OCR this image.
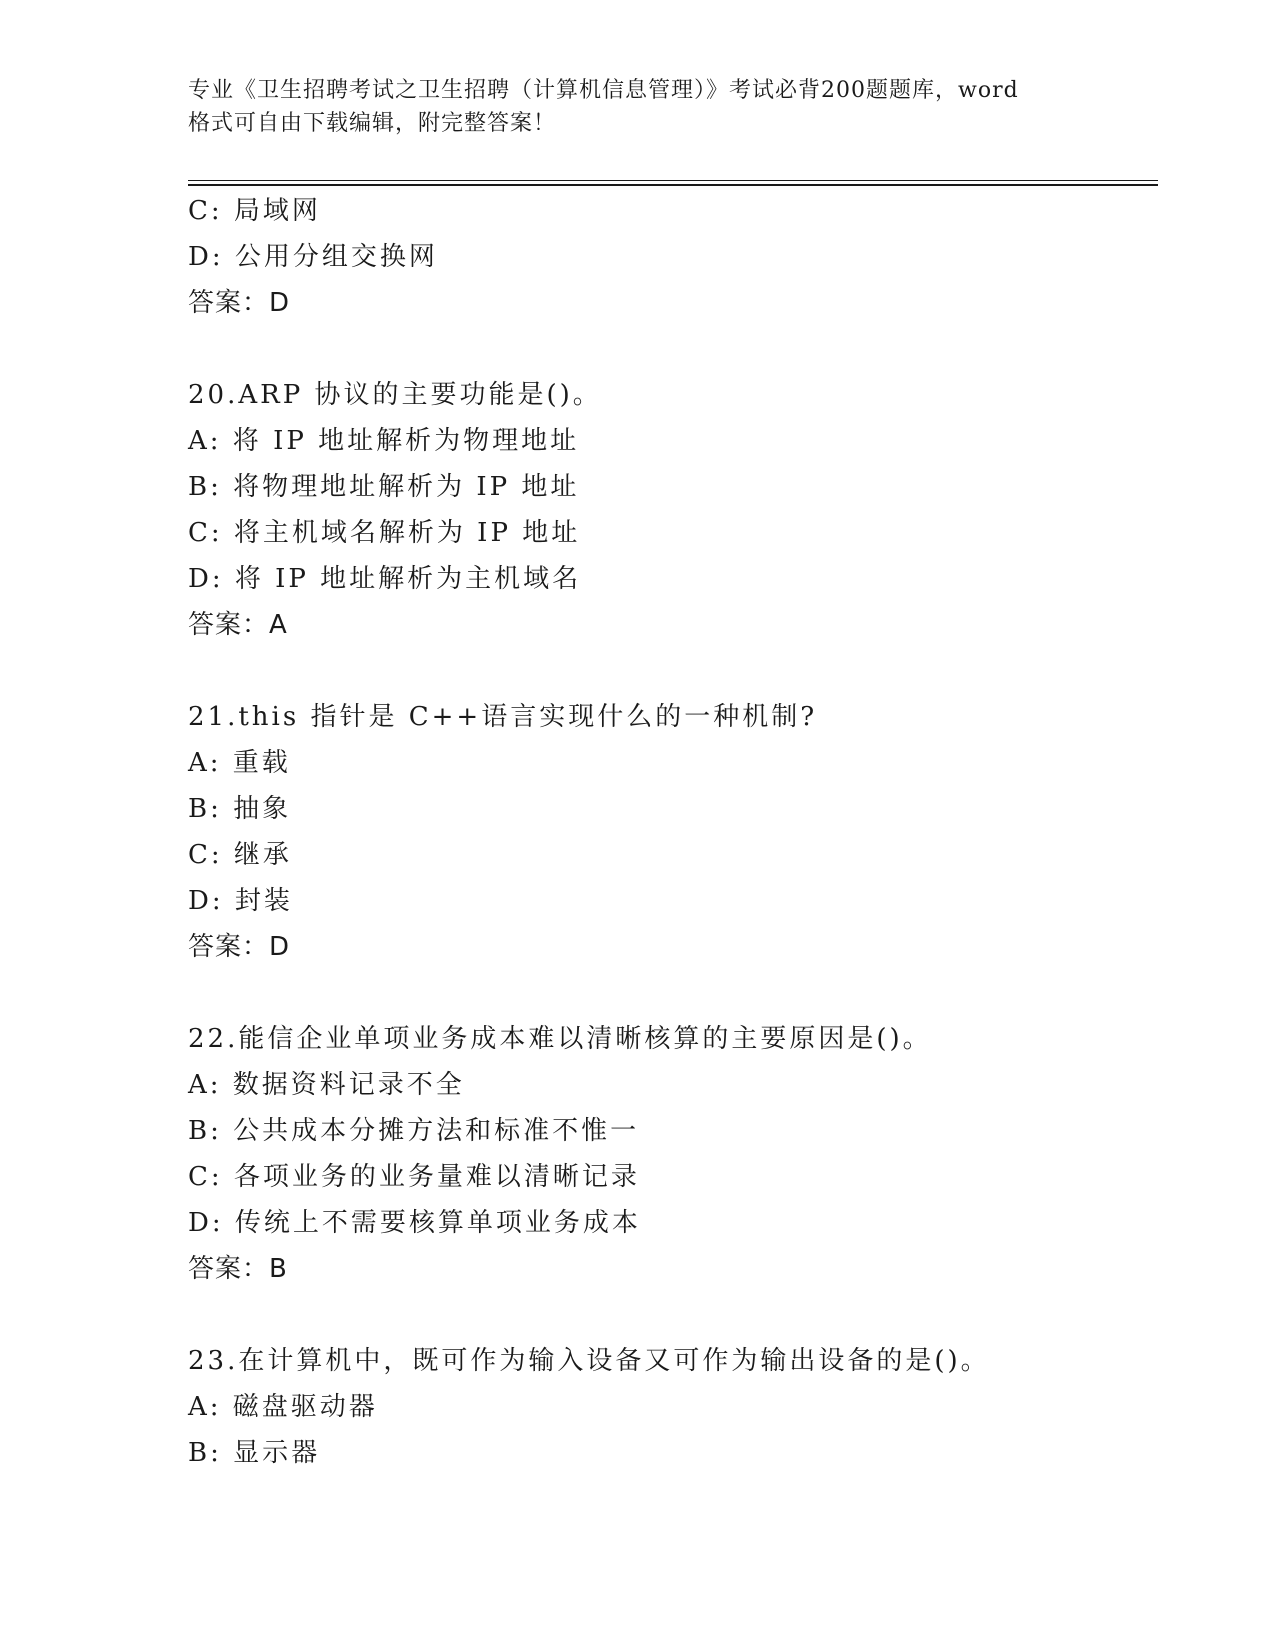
专业《卫生招聘考试之卫生招聘（计算机信息管理）》考试必背200题题库，word
格式可自由下载编辑，附完整答案！
C: 局域网
D: 公用分组交换网
答案：D
20.ARP 协议的主要功能是()。
A: 将 IP 地址解析为物理地址
B: 将物理地址解析为 IP 地址
C: 将主机域名解析为 IP 地址
D: 将 IP 地址解析为主机域名
答案：A
21.this 指针是 C++语言实现什么的一种机制?
A: 重载
B: 抽象
C: 继承
D: 封装
答案：D
22.能信企业单项业务成本难以清晰核算的主要原因是()。
A: 数据资料记录不全
B: 公共成本分摊方法和标准不惟一
C: 各项业务的业务量难以清晰记录
D: 传统上不需要核算单项业务成本
答案：B
23.在计算机中，既可作为输入设备又可作为输出设备的是()。
A: 磁盘驱动器
B: 显示器
